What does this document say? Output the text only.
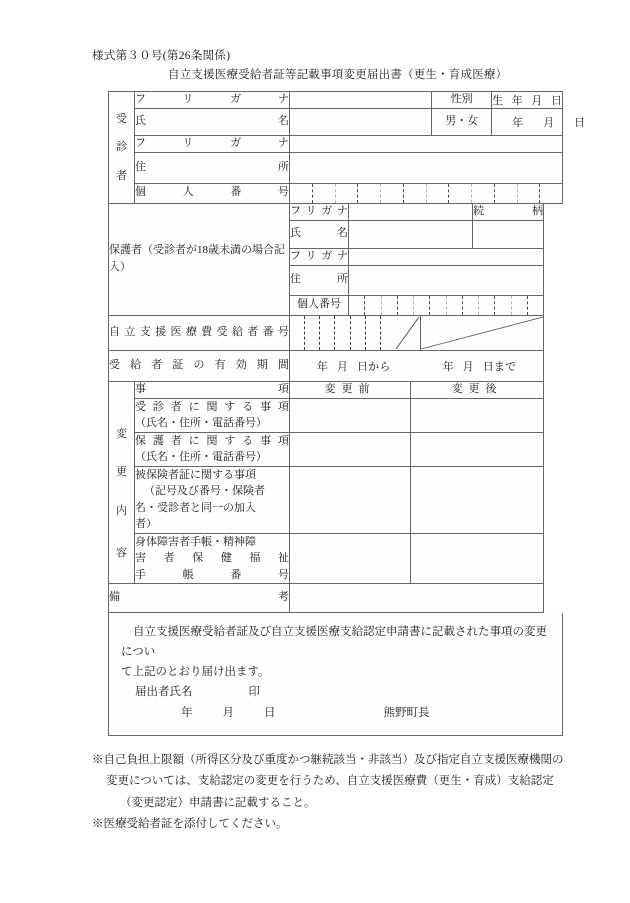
様式第３０号(第26条関係)
自立支援医療受給者証等記載事項変更届出書（更生・育成医療）
受
診
者	フリガナ				性別		生年月日
	氏名				男・女		年 月 日
	フリガナ						
	住所						
	個人番号						

保護者（受診者が18歳未満の場合記入）		フリガナ				続柄	
		氏名					
		フリガナ					
		住所					
		個人番号					

自立支援医療費受給者番号	

受給者証の有効期間		年 月 日から 年 月 日まで					

変
更
内
容	事項	変更前		変更後			

	受診者に関する事項
（氏名・住所・電話番号）						

	保護者に関する事項
（氏名・住所・電話番号）						

	被保険者証に関する事項
（記号及び番号・保険者
名・受診者と同一の加入
者）						

	身体障害者手帳・精神障
害者保健福祉
手帳番号						

備考							

自立支援医療受給者証及び自立支援医療支給認定申請書に記載された事項の変更につい

て上記のとおり届け出ます。

届出者氏名	印

年	月	日	熊野町長

※自己負担上限額（所得区分及び重度かつ継続該当・非該当）及び指定自立支援医療機関の

変更については、支給認定の変更を行うため、自立支援医療費（更生・育成）支給認定

（変更認定）申請書に記載すること。

※医療受給者証を添付してください。
